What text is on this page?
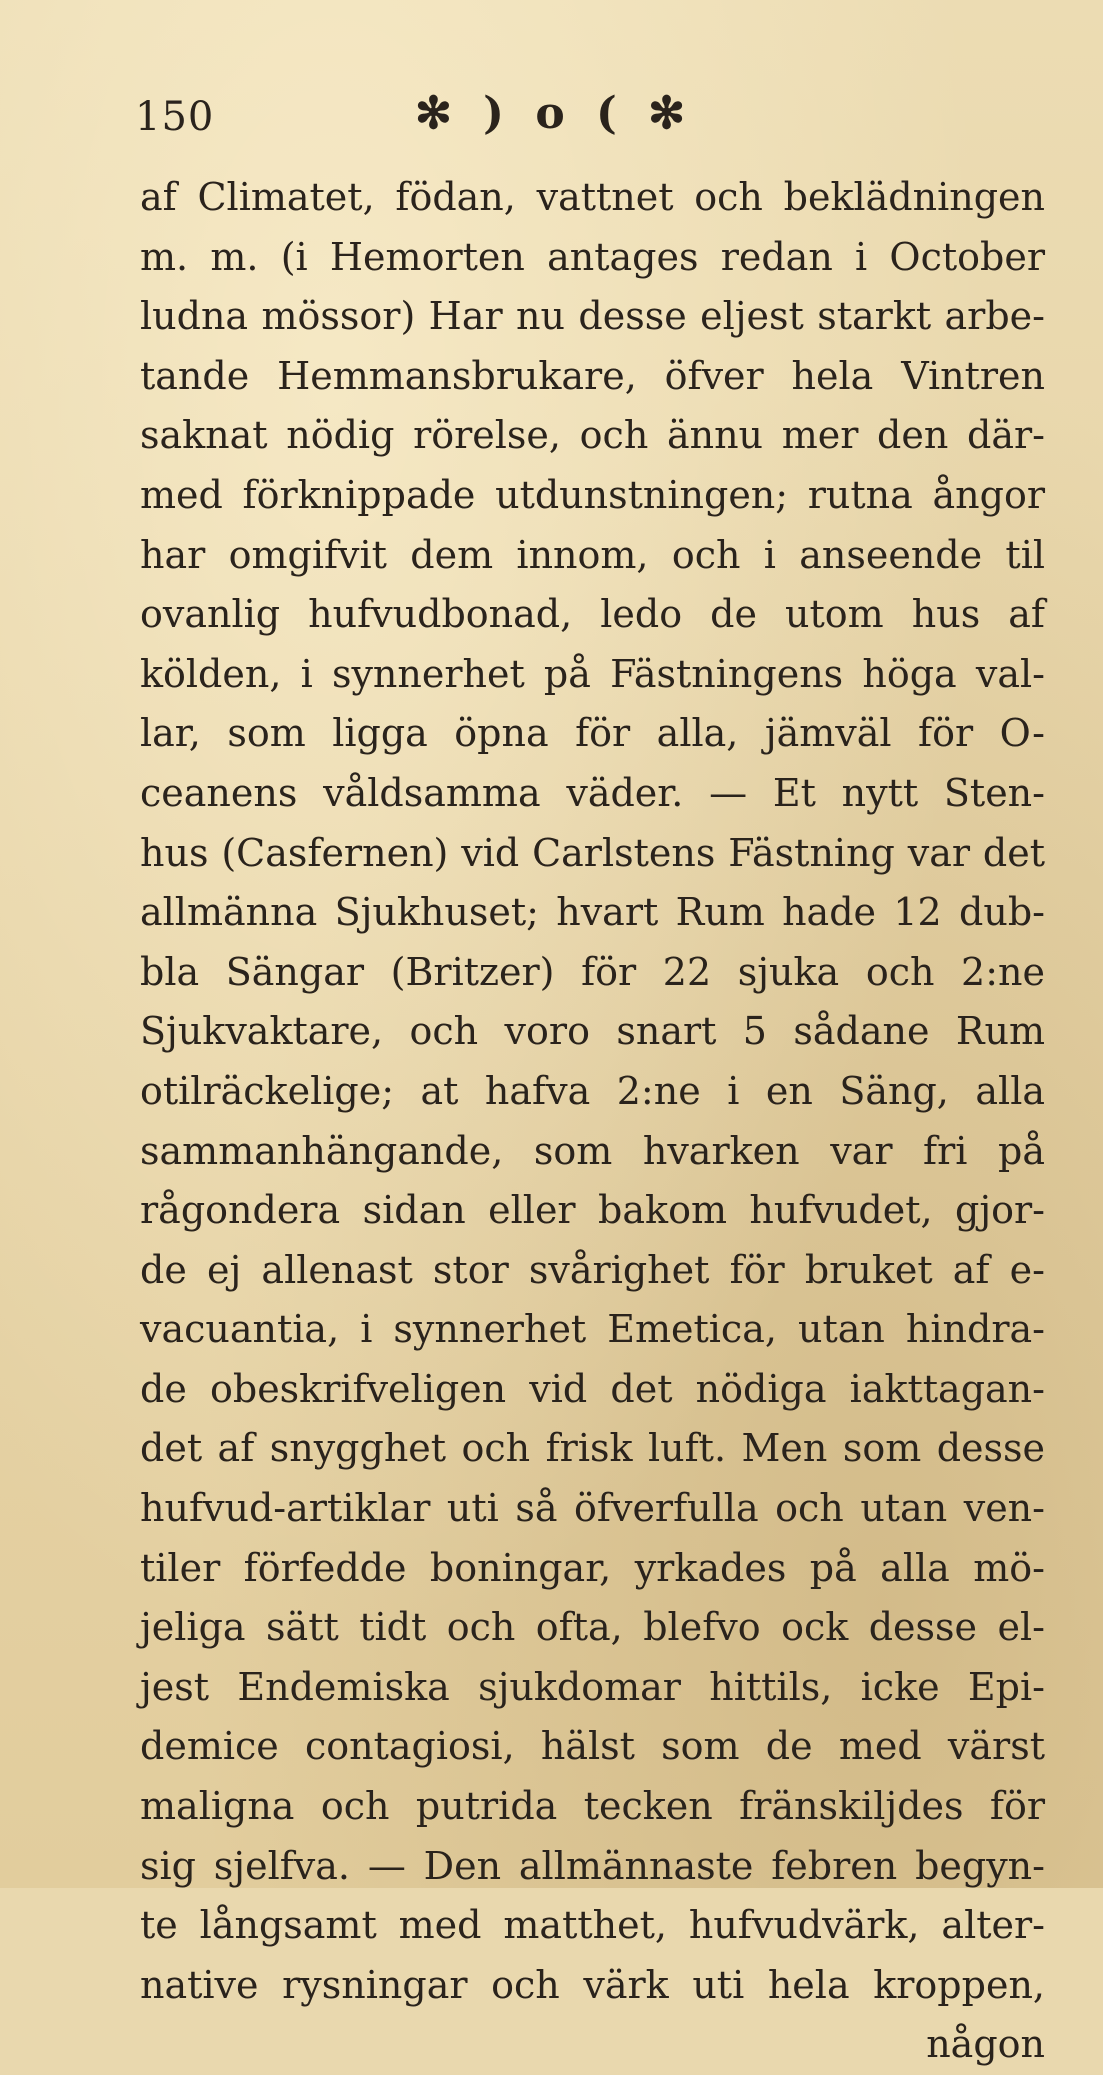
150	✻ ) o ( ✻
af Climatet, födan, vattnet och beklädningen
m. m. (i Hemorten antages redan i October
ludna mössor) Har nu desse eljest starkt arbe-
tande Hemmansbrukare, öfver hela Vintren
saknat nödig rörelse, och ännu mer den där-
med förknippade utdunstningen; rutna ångor
har omgifvit dem innom, och i anseende til
ovanlig hufvudbonad, ledo de utom hus af
kölden, i synnerhet på Fästningens höga val-
lar, som ligga öpna för alla, jämväl för O-
ceanens våldsamma väder. — Et nytt Sten-
hus (Casfernen) vid Carlstens Fästning var det
allmänna Sjukhuset; hvart Rum hade 12 dub-
bla Sängar (Britzer) för 22 sjuka och 2:ne
Sjukvaktare, och voro snart 5 sådane Rum
otilräckelige; at hafva 2:ne i en Säng, alla
sammanhängande, som hvarken var fri på
rågondera sidan eller bakom hufvudet, gjor-
de ej allenast stor svårighet för bruket af e-
vacuantia, i synnerhet Emetica, utan hindra-
de obeskrifveligen vid det nödiga iakttagan-
det af snygghet och frisk luft. Men som desse
hufvud-artiklar uti så öfverfulla och utan ven-
tiler förfedde boningar, yrkades på alla mö-
jeliga sätt tidt och ofta, blefvo ock desse el-
jest Endemiska sjukdomar hittils, icke Epi-
demice contagiosi, hälst som de med värst
maligna och putrida tecken fränskiljdes för
sig sjelfva. — Den allmännaste febren begyn-
te långsamt med matthet, hufvudvärk, alter-
native rysningar och värk uti hela kroppen,
någon
